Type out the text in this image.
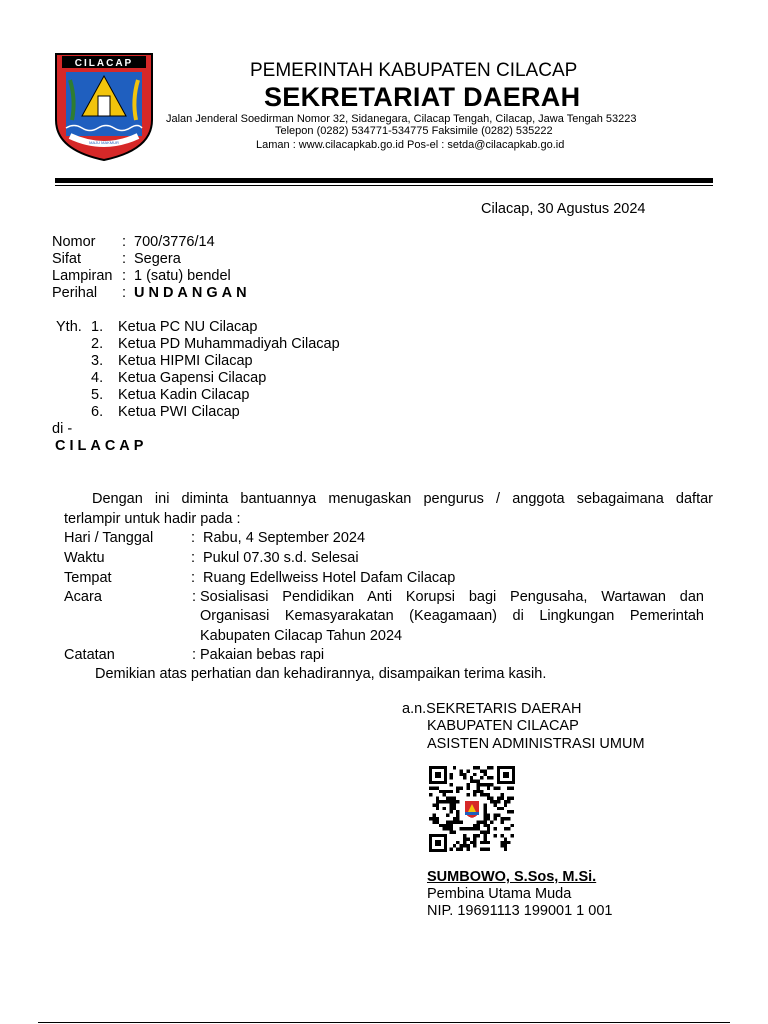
CILACAP
MAJU MAKMUR
PEMERINTAH KABUPATEN CILACAP
SEKRETARIAT DAERAH
Jalan Jenderal Soedirman Nomor 32, Sidanegara, Cilacap Tengah, Cilacap, Jawa Tengah 53223
Telepon (0282) 534771-534775 Faksimile (0282) 535222
Laman : www.cilacapkab.go.id Pos-el : setda@cilacapkab.go.id
Cilacap, 30 Agustus 2024
Nomor : 700/3776/14
Sifat	: Segera
Lampiran : 1 (satu) bendel
Perihal : UNDANGAN
Yth. 1. Ketua PC NU Cilacap
2. Ketua PD Muhammadiyah Cilacap
3. Ketua HIPMI Cilacap
4. Ketua Gapensi Cilacap
5. Ketua Kadin Cilacap
6. Ketua PWI Cilacap
di -
CILACAP
Dengan ini diminta bantuannya menugaskan pengurus / anggota sebagaimana daftar
terlampir untuk hadir pada :
Hari / Tanggal	: Rabu, 4 September 2024
Waktu	: Pukul 07.30 s.d. Selesai
Tempat	: Ruang Edellweiss Hotel Dafam Cilacap
Acara	: Sosialisasi Pendidikan Anti Korupsi bagi Pengusaha, Wartawan dan
Organisasi Kemasyarakatan (Keagamaan) di Lingkungan Pemerintah
Kabupaten Cilacap Tahun 2024
Catatan	: Pakaian bebas rapi
Demikian atas perhatian dan kehadirannya, disampaikan terima kasih.
a.n.SEKRETARIS DAERAH
KABUPATEN CILACAP
ASISTEN ADMINISTRASI UMUM
SUMBOWO, S.Sos, M.Si.
Pembina Utama Muda
NIP. 19691113 199001 1 001
